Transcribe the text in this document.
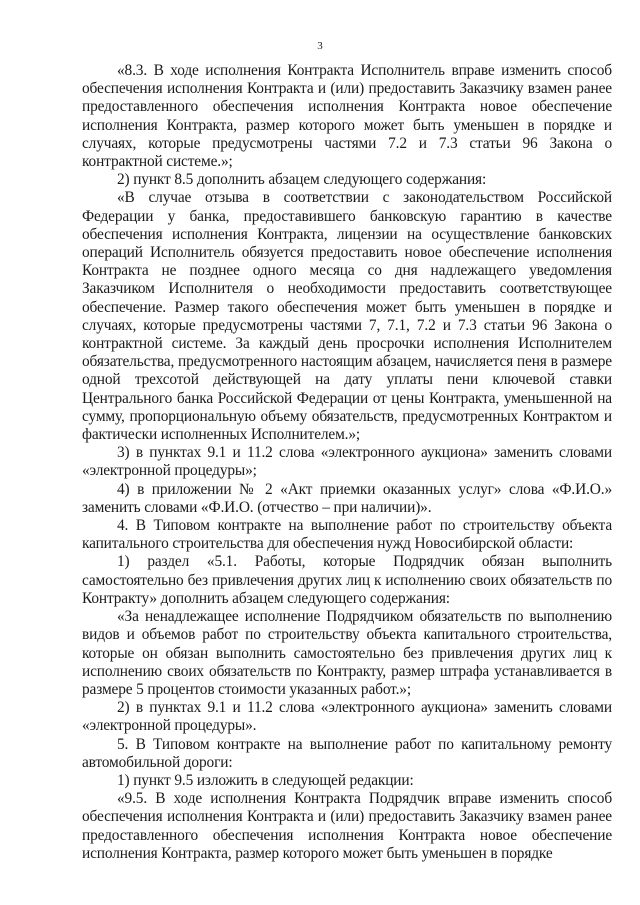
3

«8.3. В ходе исполнения Контракта Исполнитель вправе изменить способ обеспечения исполнения Контракта и (или) предоставить Заказчику взамен ранее предоставленного обеспечения исполнения Контракта новое обеспечение исполнения Контракта, размер которого может быть уменьшен в порядке и случаях, которые предусмотрены частями 7.2 и 7.3 статьи 96 Закона о контрактной системе.»;

2) пункт 8.5 дополнить абзацем следующего содержания:

«В случае отзыва в соответствии с законодательством Российской Федерации у банка, предоставившего банковскую гарантию в качестве обеспечения исполнения Контракта, лицензии на осуществление банковских операций Исполнитель обязуется предоставить новое обеспечение исполнения Контракта не позднее одного месяца со дня надлежащего уведомления Заказчиком Исполнителя о необходимости предоставить соответствующее обеспечение. Размер такого обеспечения может быть уменьшен в порядке и случаях, которые предусмотрены частями 7, 7.1, 7.2 и 7.3 статьи 96 Закона о контрактной системе. За каждый день просрочки исполнения Исполнителем обязательства, предусмотренного настоящим абзацем, начисляется пеня в размере одной трехсотой действующей на дату уплаты пени ключевой ставки Центрального банка Российской Федерации от цены Контракта, уменьшенной на сумму, пропорциональную объему обязательств, предусмотренных Контрактом и фактически исполненных Исполнителем.»;

3) в пунктах 9.1 и 11.2 слова «электронного аукциона» заменить словами «электронной процедуры»;

4) в приложении № 2 «Акт приемки оказанных услуг» слова «Ф.И.О.» заменить словами «Ф.И.О. (отчество – при наличии)».

4. В Типовом контракте на выполнение работ по строительству объекта капитального строительства для обеспечения нужд Новосибирской области:

1) раздел «5.1. Работы, которые Подрядчик обязан выполнить самостоятельно без привлечения других лиц к исполнению своих обязательств по Контракту» дополнить абзацем следующего содержания:

«За ненадлежащее исполнение Подрядчиком обязательств по выполнению видов и объемов работ по строительству объекта капитального строительства, которые он обязан выполнить самостоятельно без привлечения других лиц к исполнению своих обязательств по Контракту, размер штрафа устанавливается в размере 5 процентов стоимости указанных работ.»;

2) в пунктах 9.1 и 11.2 слова «электронного аукциона» заменить словами «электронной процедуры».

5. В Типовом контракте на выполнение работ по капитальному ремонту автомобильной дороги:

1) пункт 9.5 изложить в следующей редакции:

«9.5. В ходе исполнения Контракта Подрядчик вправе изменить способ обеспечения исполнения Контракта и (или) предоставить Заказчику взамен ранее предоставленного обеспечения исполнения Контракта новое обеспечение исполнения Контракта, размер которого может быть уменьшен в порядке
